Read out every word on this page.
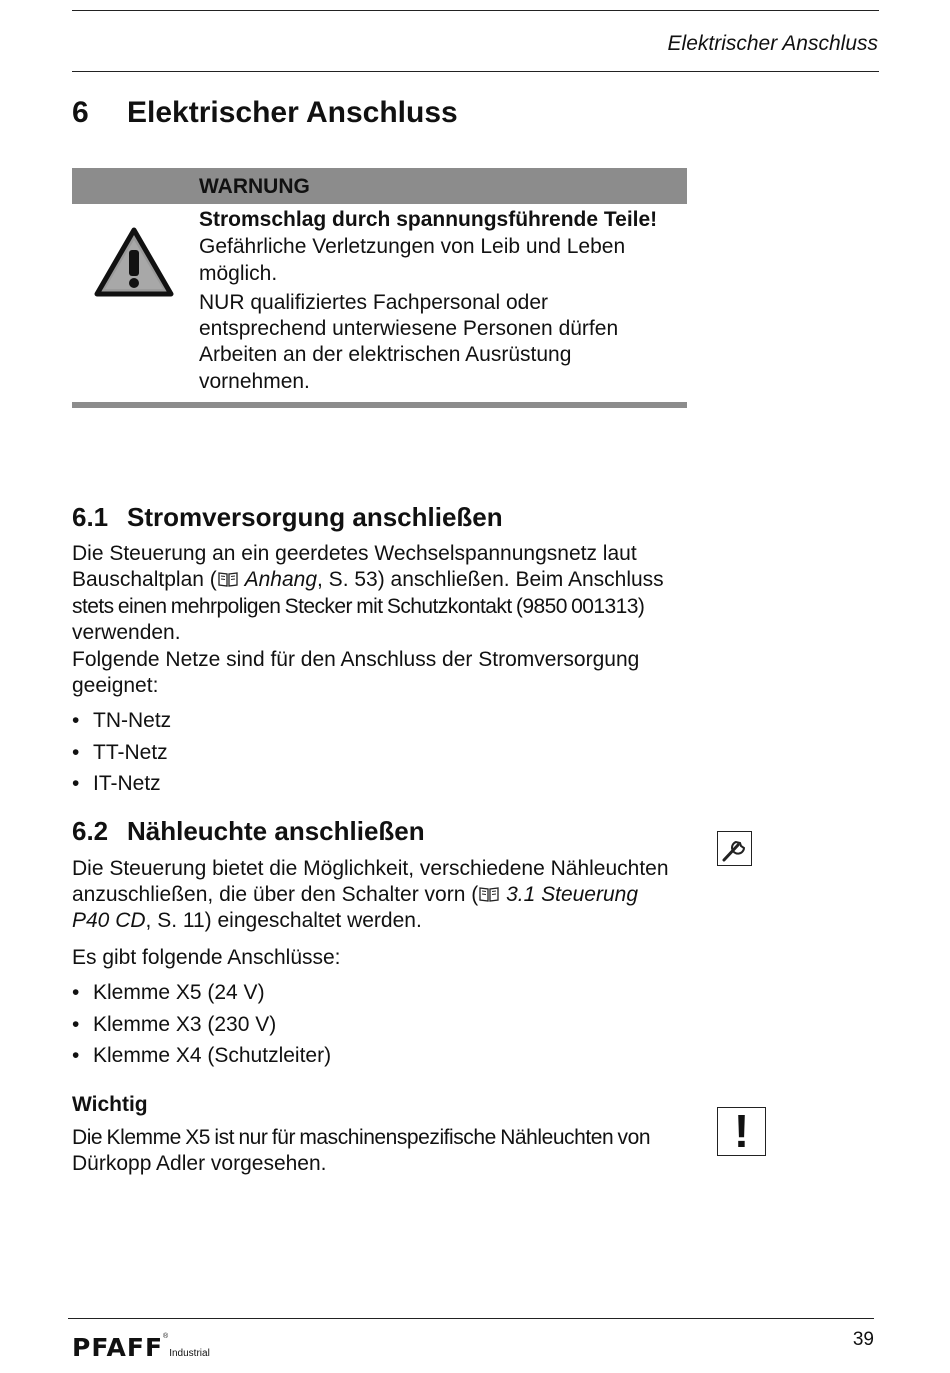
Elektrischer Anschluss
6 Elektrischer Anschluss
WARNUNG
Stromschlag durch spannungsführende Teile!
Gefährliche Verletzungen von Leib und Leben
möglich.
NUR qualifiziertes Fachpersonal oder
entsprechend unterwiesene Personen dürfen
Arbeiten an der elektrischen Ausrüstung
vornehmen.
6.1 Stromversorgung anschließen
Die Steuerung an ein geerdetes Wechselspannungsnetz laut
Bauschaltplan ( Anhang, S. 53) anschließen. Beim Anschluss
stets einen mehrpoligen Stecker mit Schutzkontakt (9850 001313)
verwenden.
Folgende Netze sind für den Anschluss der Stromversorgung
geeignet:
• TN-Netz
• TT-Netz
• IT-Netz
6.2 Nähleuchte anschließen
Die Steuerung bietet die Möglichkeit, verschiedene Nähleuchten
anzuschließen, die über den Schalter vorn ( 3.1 Steuerung
P40 CD, S. 11) eingeschaltet werden.
Es gibt folgende Anschlüsse:
• Klemme X5 (24 V)
• Klemme X3 (230 V)
• Klemme X4 (Schutzleiter)
Wichtig
!
Die Klemme X5 ist nur für maschinenspezifische Nähleuchten von
Dürkopp Adler vorgesehen.
PFAFF®Industrial
39
